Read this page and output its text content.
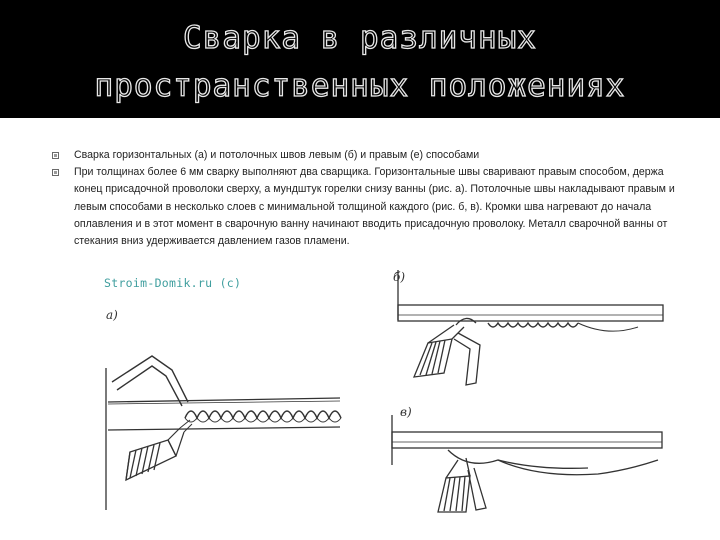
Сварка в различных
пространственных положениях
Сварка горизонтальных (а) и потолочных швов левым (б) и правым (е) способами
При толщинах более 6 мм сварку выполняют два сварщика. Горизонтальные швы сваривают правым способом, держа конец присадочной проволоки сверху, а мундштук горелки снизу ванны (рис. а). Потолочные швы накладывают правым и левым способами в несколько слоев с минимальной толщиной каждого (рис. б, в). Кромки шва нагревают до начала оплавления и в этот момент в сварочную ванну начинают вводить присадочную проволоку. Металл сварочной ванны от стекания вниз удерживается давлением газов пламени.
Stroim-Domik.ru (c)
а)
б)
в)
